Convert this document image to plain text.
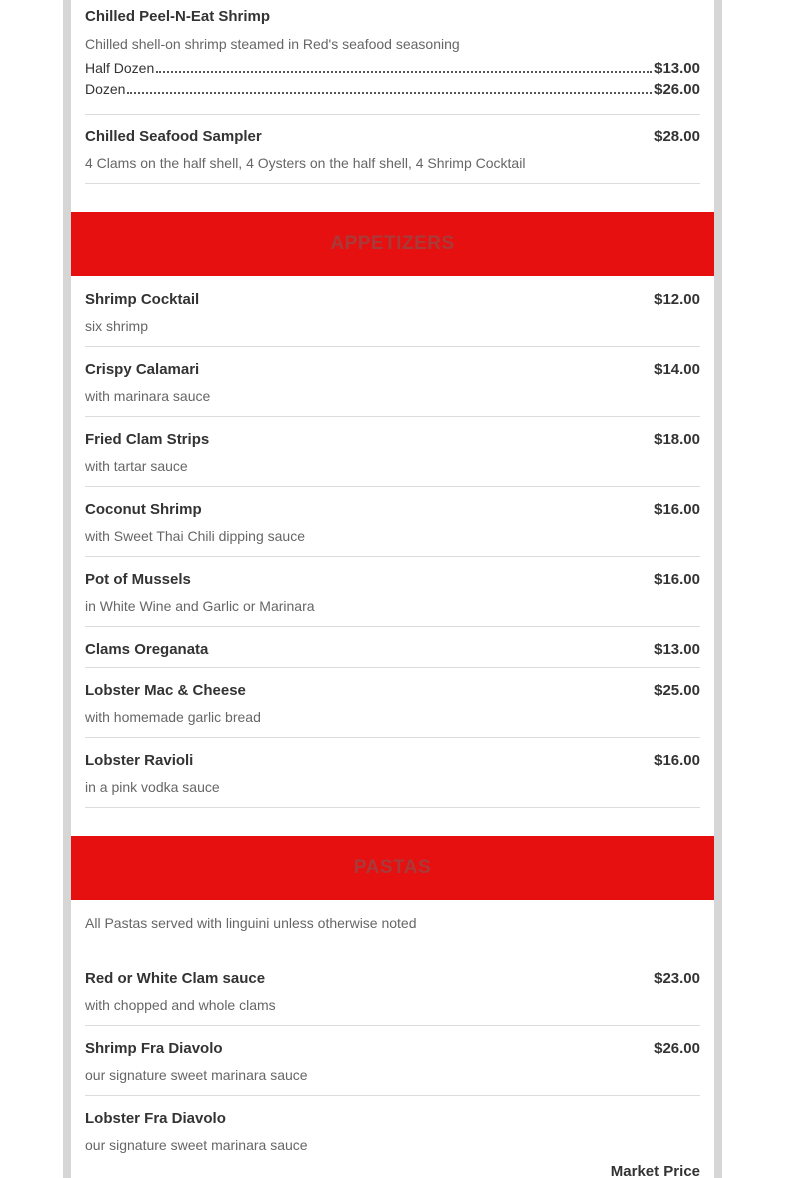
Chilled Peel-N-Eat Shrimp
Chilled shell-on shrimp steamed in Red's seafood seasoning
Half Dozen	$13.00
Dozen	$26.00
Chilled Seafood Sampler	$28.00
4 Clams on the half shell, 4 Oysters on the half shell, 4 Shrimp Cocktail
APPETIZERS
Shrimp Cocktail	$12.00
six shrimp
Crispy Calamari	$14.00
with marinara sauce
Fried Clam Strips	$18.00
with tartar sauce
Coconut Shrimp	$16.00
with Sweet Thai Chili dipping sauce
Pot of Mussels	$16.00
in White Wine and Garlic or Marinara
Clams Oreganata	$13.00
Lobster Mac & Cheese	$25.00
with homemade garlic bread
Lobster Ravioli	$16.00
in a pink vodka sauce
PASTAS
All Pastas served with linguini unless otherwise noted
Red or White Clam sauce	$23.00
with chopped and whole clams
Shrimp Fra Diavolo	$26.00
our signature sweet marinara sauce
Lobster Fra Diavolo
our signature sweet marinara sauce
Market Price
